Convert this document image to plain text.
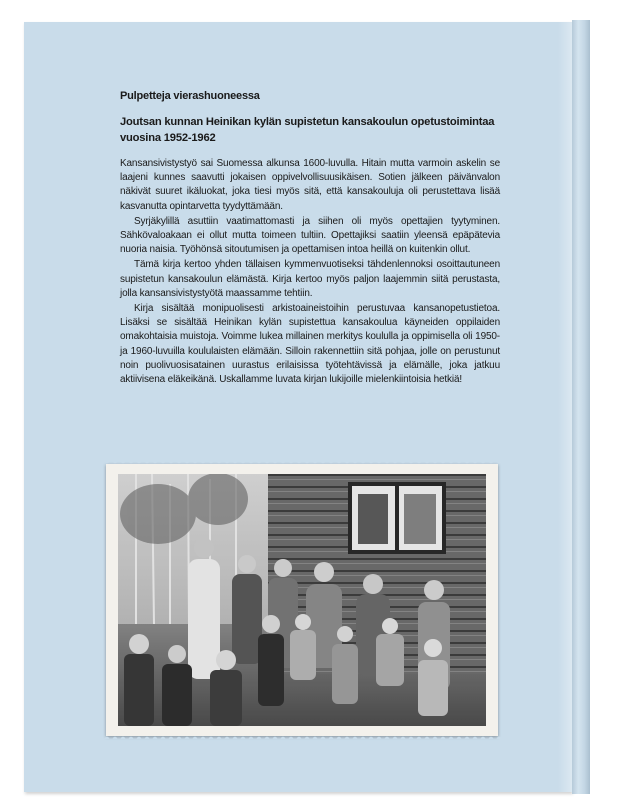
Pulpetteja vierashuoneessa

Joutsan kunnan Heinikan kylän supistetun kansakoulun opetustoimintaa
vuosina 1952-1962

Kansansivistystyö sai Suomessa alkunsa 1600-luvulla. Hitain mutta varmoin askelin se laajeni kunnes saavutti jokaisen oppivelvollisuusikäisen. Sotien jälkeen päivänvalon näkivät suuret ikäluokat, joka tiesi myös sitä, että kansakouluja oli perustettava lisää kasvanutta opintarvetta tyydyttämään.

Syrjäkylillä asuttiin vaatimattomasti ja siihen oli myös opettajien tyytyminen. Sähkövaloakaan ei ollut mutta toimeen tultiin. Opettajiksi saatiin yleensä epäpätevia nuoria naisia. Työhönsä sitoutumisen ja opettamisen intoa heillä on kuitenkin ollut.

Tämä kirja kertoo yhden tällaisen kymmenvuotiseksi tähdenlennoksi osoittautuneen supistetun kansakoulun elämästä. Kirja kertoo myös paljon laajemmin siitä perustasta, jolla kansansivistystyötä maassamme tehtiin.

Kirja sisältää monipuolisesti arkistoaineistoihin perustuvaa kansanopetustietoa. Lisäksi se sisältää Heinikan kylän supistettua kansakoulua käyneiden oppilaiden omakohtaisia muistoja. Voimme lukea millainen merkitys koululla ja oppimisella oli 1950- ja 1960-luvuilla koululaisten elämään. Silloin rakennettiin sitä pohjaa, jolle on perustunut noin puolivuosisatainen uurastus erilaisissa työtehtävissä ja elämälle, joka jatkuu aktiivisena eläkeikänä. Uskallamme luvata kirjan lukijoille mielenkiintoisia hetkiä!
